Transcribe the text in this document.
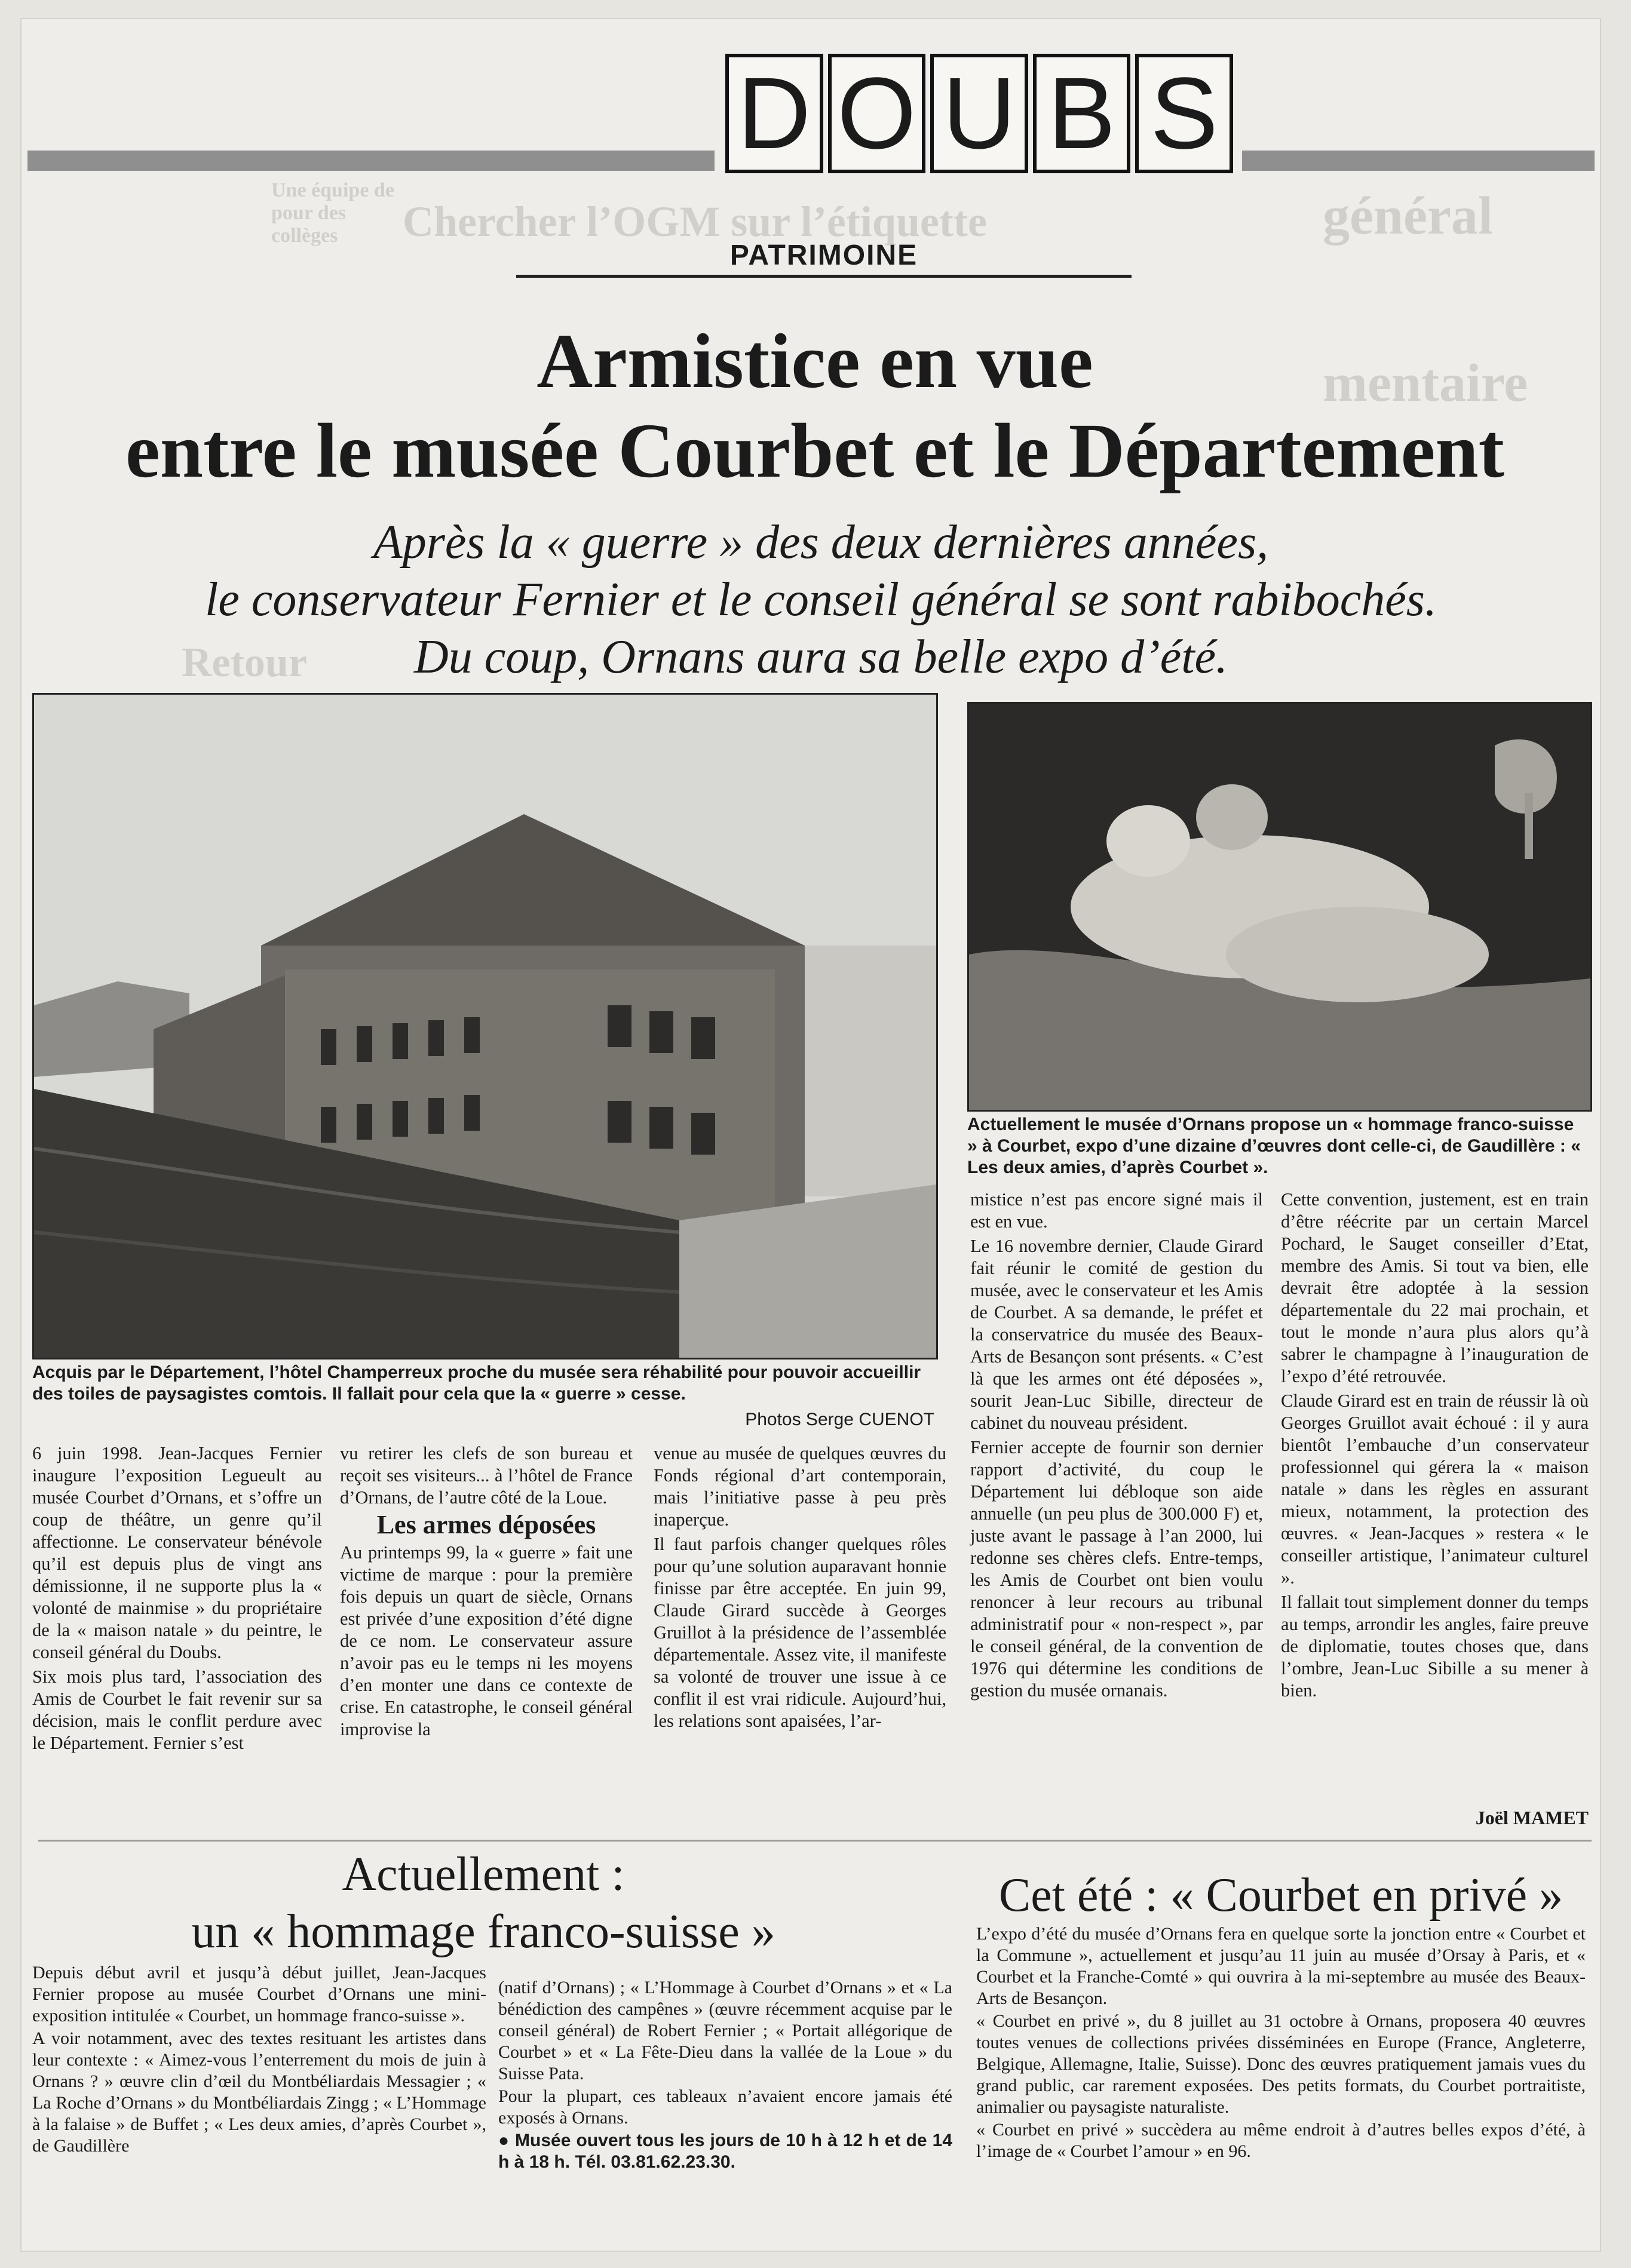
général
mentaire
Chercher l’OGM sur l’étiquette
Une équipe de pour des collèges
Retour
D O U B S
PATRIMOINE
Armistice en vue
entre le musée Courbet et le Département
Après la « guerre » des deux dernières années,
le conservateur Fernier et le conseil général se sont rabibochés.
Du coup, Ornans aura sa belle expo d’été.
Acquis par le Département, l’hôtel Champerreux proche du musée sera réhabilité pour pouvoir accueillir des toiles de paysagistes comtois. Il fallait pour cela que la « guerre » cesse.
Photos Serge CUENOT
Actuellement le musée d’Ornans propose un « hommage franco-suisse » à Courbet, expo d’une dizaine d’œuvres dont celle-ci, de Gaudillère : « Les deux amies, d’après Courbet ».

6 juin 1998. Jean-Jacques Fernier inaugure l’exposition Legueult au musée Courbet d’Ornans, et s’offre un coup de théâtre, un genre qu’il affectionne. Le conservateur bénévole qu’il est depuis plus de vingt ans démissionne, il ne supporte plus la « volonté de mainmise » du propriétaire de la « maison natale » du peintre, le conseil général du Doubs.

Six mois plus tard, l’association des Amis de Courbet le fait revenir sur sa décision, mais le conflit perdure avec le Département. Fernier s’est

vu retirer les clefs de son bureau et reçoit ses visiteurs... à l’hôtel de France d’Ornans, de l’autre côté de la Loue.

Les armes déposées

Au printemps 99, la « guerre » fait une victime de marque : pour la première fois depuis un quart de siècle, Ornans est privée d’une exposition d’été digne de ce nom. Le conservateur assure n’avoir pas eu le temps ni les moyens d’en monter une dans ce contexte de crise. En catastrophe, le conseil général improvise la

venue au musée de quelques œuvres du Fonds régional d’art contemporain, mais l’initiative passe à peu près inaperçue.

Il faut parfois changer quelques rôles pour qu’une solution auparavant honnie finisse par être acceptée. En juin 99, Claude Girard succède à Georges Gruillot à la présidence de l’assemblée départementale. Assez vite, il manifeste sa volonté de trouver une issue à ce conflit il est vrai ridicule. Aujourd’hui, les relations sont apaisées, l’ar-

mistice n’est pas encore signé mais il est en vue.

Le 16 novembre dernier, Claude Girard fait réunir le comité de gestion du musée, avec le conservateur et les Amis de Courbet. A sa demande, le préfet et la conservatrice du musée des Beaux-Arts de Besançon sont présents. « C’est là que les armes ont été déposées », sourit Jean-Luc Sibille, directeur de cabinet du nouveau président.

Fernier accepte de fournir son dernier rapport d’activité, du coup le Département lui débloque son aide annuelle (un peu plus de 300.000 F) et, juste avant le passage à l’an 2000, lui redonne ses chères clefs. Entre-temps, les Amis de Courbet ont bien voulu renoncer à leur recours au tribunal administratif pour « non-respect », par le conseil général, de la convention de 1976 qui détermine les conditions de gestion du musée ornanais.

Cette convention, justement, est en train d’être réécrite par un certain Marcel Pochard, le Sauget conseiller d’Etat, membre des Amis. Si tout va bien, elle devrait être adoptée à la session départementale du 22 mai prochain, et tout le monde n’aura plus alors qu’à sabrer le champagne à l’inauguration de l’expo d’été retrouvée.

Claude Girard est en train de réussir là où Georges Gruillot avait échoué : il y aura bientôt l’embauche d’un conservateur professionnel qui gérera la « maison natale » dans les règles en assurant mieux, notamment, la protection des œuvres. « Jean-Jacques » restera « le conseiller artistique, l’animateur culturel ».

Il fallait tout simplement donner du temps au temps, arrondir les angles, faire preuve de diplomatie, toutes choses que, dans l’ombre, Jean-Luc Sibille a su mener à bien.

Joël MAMET
Actuellement :
un « hommage franco-suisse »
Cet été : « Courbet en privé »

Depuis début avril et jusqu’à début juillet, Jean-Jacques Fernier propose au musée Courbet d’Ornans une mini-exposition intitulée « Courbet, un hommage franco-suisse ».

A voir notamment, avec des textes resituant les artistes dans leur contexte : « Aimez-vous l’enterrement du mois de juin à Ornans ? » œuvre clin d’œil du Montbéliardais Messagier ; « La Roche d’Ornans » du Montbéliardais Zingg ; « L’Hommage à la falaise » de Buffet ; « Les deux amies, d’après Courbet », de Gaudillère

(natif d’Ornans) ; « L’Hommage à Courbet d’Ornans » et « La bénédiction des campênes » (œuvre récemment acquise par le conseil général) de Robert Fernier ; « Portait allégorique de Courbet » et « La Fête-Dieu dans la vallée de la Loue » du Suisse Pata.

Pour la plupart, ces tableaux n’avaient encore jamais été exposés à Ornans.

● Musée ouvert tous les jours de 10 h à 12 h et de 14 h à 18 h. Tél. 03.81.62.23.30.

L’expo d’été du musée d’Ornans fera en quelque sorte la jonction entre « Courbet et la Commune », actuellement et jusqu’au 11 juin au musée d’Orsay à Paris, et « Courbet et la Franche-Comté » qui ouvrira à la mi-septembre au musée des Beaux-Arts de Besançon.

« Courbet en privé », du 8 juillet au 31 octobre à Ornans, proposera 40 œuvres toutes venues de collections privées disséminées en Europe (France, Angleterre, Belgique, Allemagne, Italie, Suisse). Donc des œuvres pratiquement jamais vues du grand public, car rarement exposées. Des petits formats, du Courbet portraitiste, animalier ou paysagiste naturaliste.

« Courbet en privé » succèdera au même endroit à d’autres belles expos d’été, à l’image de « Courbet l’amour » en 96.
